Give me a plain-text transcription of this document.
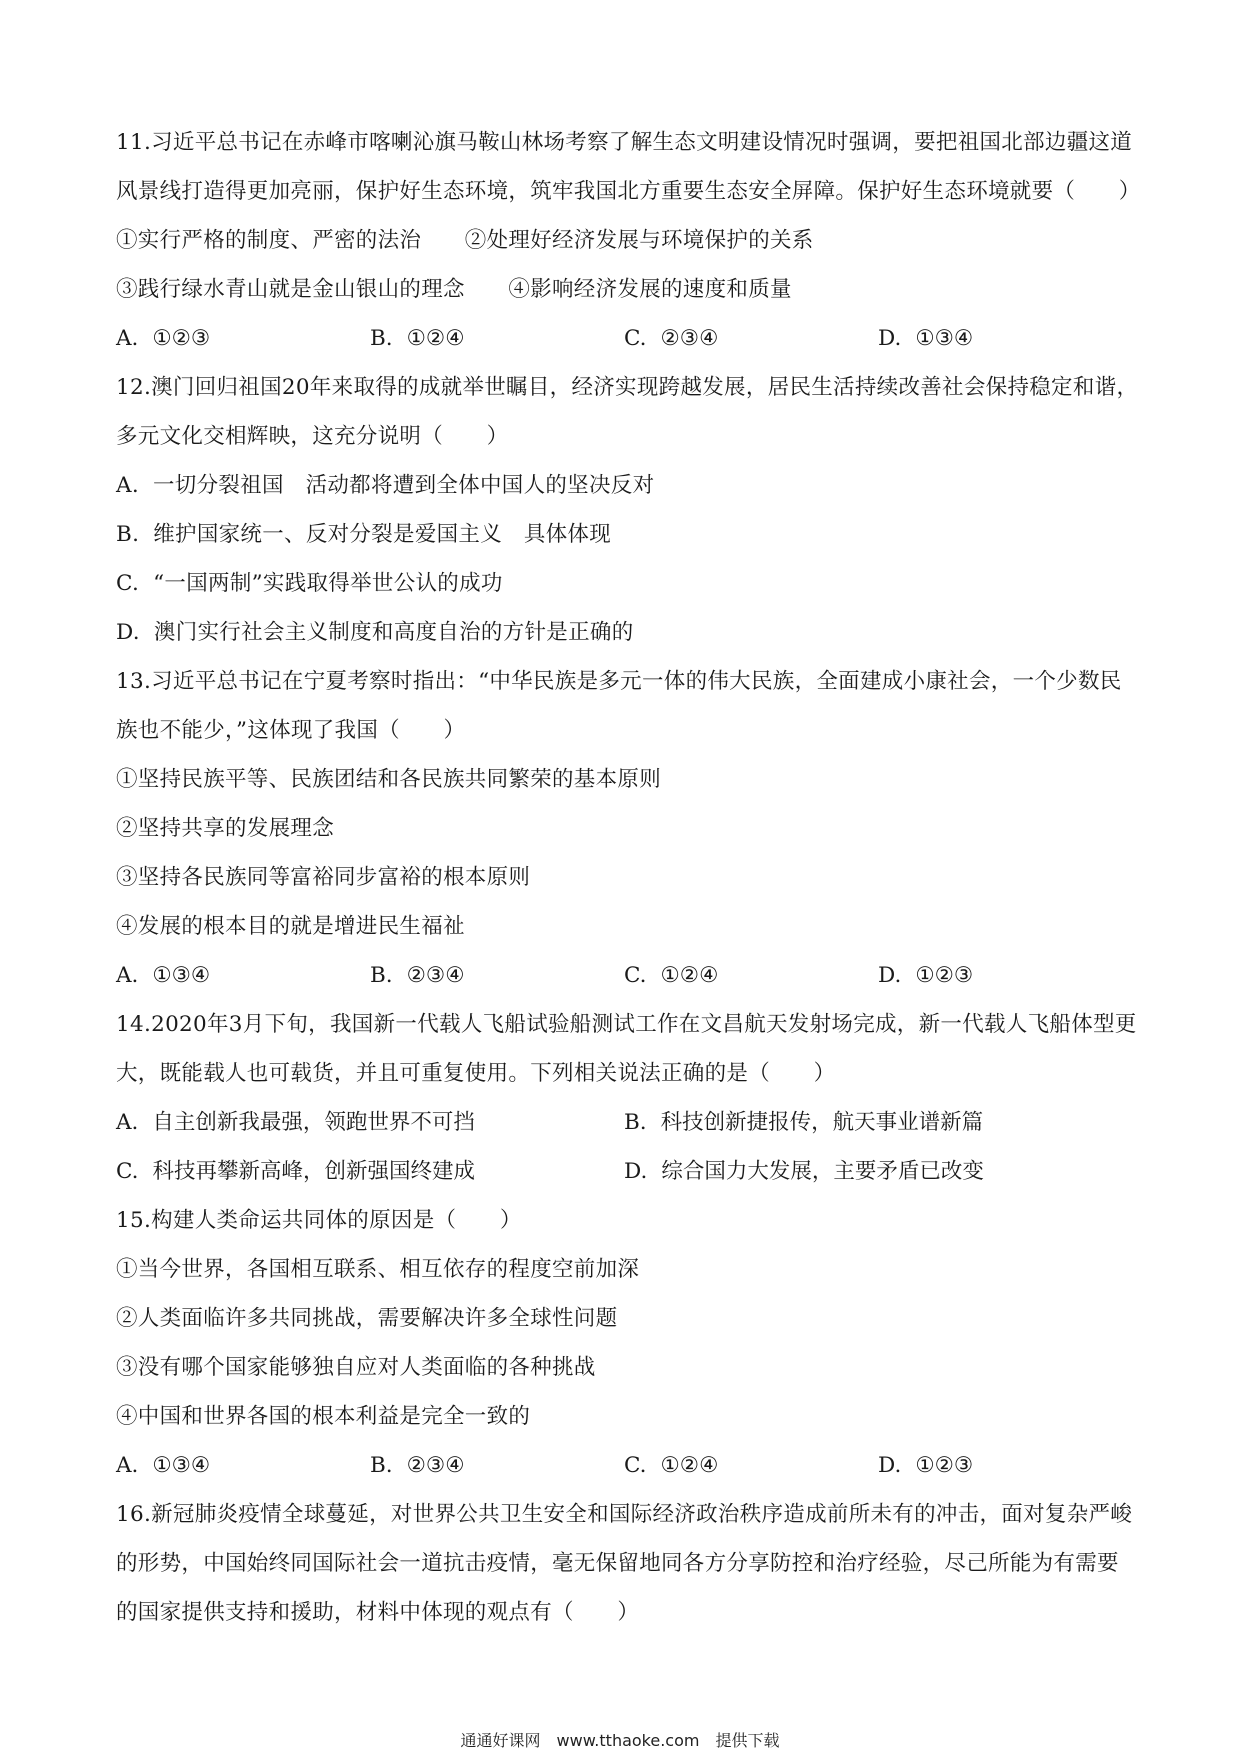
11.习近平总书记在赤峰市喀喇沁旗马鞍山林场考察了解生态文明建设情况时强调，要把祖国北部边疆这道

风景线打造得更加亮丽，保护好生态环境，筑牢我国北方重要生态安全屏障。保护好生态环境就要（　　）

①实行严格的制度、严密的法治　　②处理好经济发展与环境保护的关系

③践行绿水青山就是金山银山的理念　　④影响经济发展的速度和质量

A. ①②③	B. ①②④	C. ②③④	D. ①③④

12.澳门回归祖国20年来取得的成就举世瞩目，经济实现跨越发展，居民生活持续改善社会保持稳定和谐，

多元文化交相辉映，这充分说明（　　）

A. 一切分裂祖国　活动都将遭到全体中国人的坚决反对

B. 维护国家统一、反对分裂是爱国主义　具体体现

C. “一国两制”实践取得举世公认的成功

D. 澳门实行社会主义制度和高度自治的方针是正确的

13.习近平总书记在宁夏考察时指出：“中华民族是多元一体的伟大民族，全面建成小康社会，一个少数民

族也不能少，”这体现了我国（　　）

①坚持民族平等、民族团结和各民族共同繁荣的基本原则

②坚持共享的发展理念

③坚持各民族同等富裕同步富裕的根本原则

④发展的根本目的就是增进民生福祉

A. ①③④	B. ②③④	C. ①②④	D. ①②③

14.2020年3月下旬，我国新一代载人飞船试验船测试工作在文昌航天发射场完成，新一代载人飞船体型更

大，既能载人也可载货，并且可重复使用。下列相关说法正确的是（　　）

A. 自主创新我最强，领跑世界不可挡	B. 科技创新捷报传，航天事业谱新篇
C. 科技再攀新高峰，创新强国终建成	D. 综合国力大发展，主要矛盾已改变

15.构建人类命运共同体的原因是（　　）

①当今世界，各国相互联系、相互依存的程度空前加深

②人类面临许多共同挑战，需要解决许多全球性问题

③没有哪个国家能够独自应对人类面临的各种挑战

④中国和世界各国的根本利益是完全一致的

A. ①③④	B. ②③④	C. ①②④	D. ①②③

16.新冠肺炎疫情全球蔓延，对世界公共卫生安全和国际经济政治秩序造成前所未有的冲击，面对复杂严峻

的形势，中国始终同国际社会一道抗击疫情，毫无保留地同各方分享防控和治疗经验，尽己所能为有需要

的国家提供支持和援助，材料中体现的观点有（　　）

通通好课网　www.tthaoke.com　提供下载
